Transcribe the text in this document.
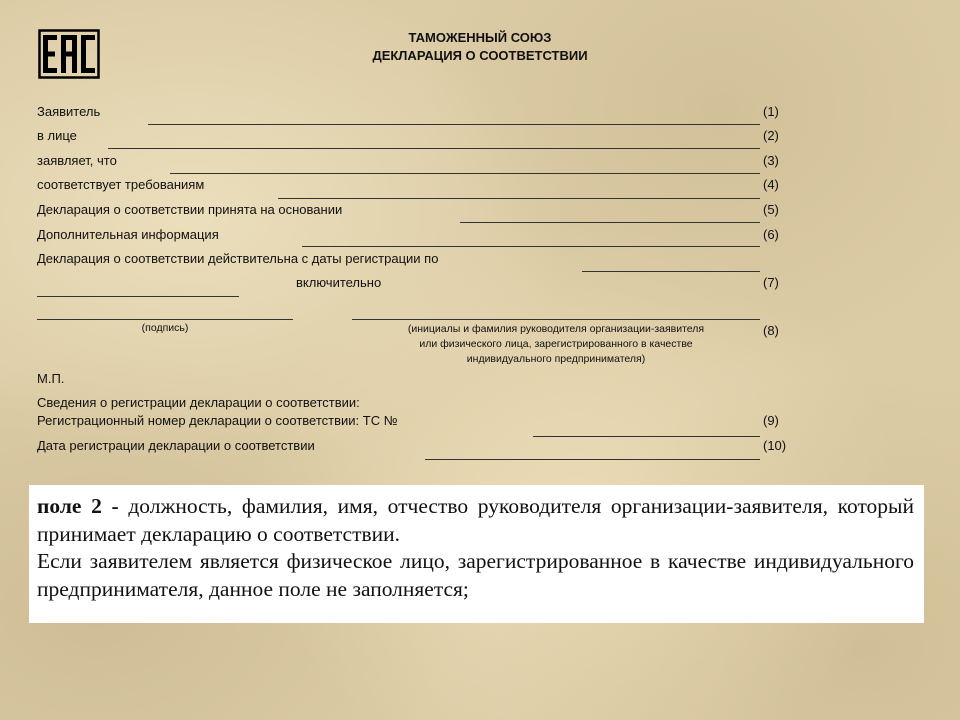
ТАМОЖЕННЫЙ СОЮЗ
ДЕКЛАРАЦИЯ О СООТВЕТСТВИИ
Заявитель	(1)
в лице	(2)
заявляет, что	(3)
соответствует требованиям	(4)
Декларация о соответствии принята на основании	(5)
Дополнительная информация	(6)
Декларация о соответствии действительна с даты регистрации по
включительно	(7)
(подпись)	(инициалы и фамилия руководителя организации-заявителя
или физического лица, зарегистрированного в качестве
индивидуального предпринимателя)
(8)
М.П.
Сведения о регистрации декларации о соответствии:
Регистрационный номер декларации о соответствии: ТС №	(9)
Дата регистрации декларации о соответствии	(10)

поле 2 - должность, фамилия, имя, отчество руководителя организации-заявителя, который принимает декларацию о соответствии.

Если заявителем является физическое лицо, зарегистрированное в качестве индивидуального предпринимателя, данное поле не заполняется;
